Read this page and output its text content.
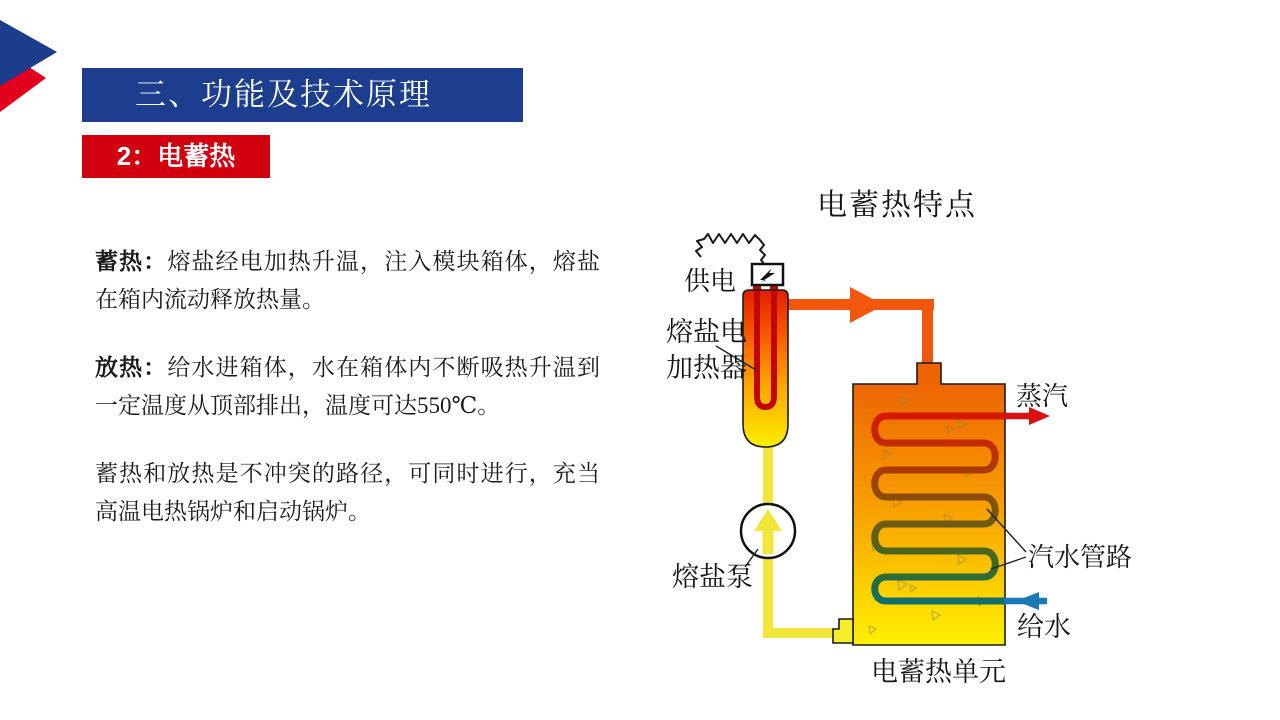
三、功能及技术原理
2：电蓄热

蓄热：熔盐经电加热升温，注入模块箱体，熔盐在箱内流动释放热量。

放热：给水进箱体，水在箱体内不断吸热升温到一定温度从顶部排出，温度可达550℃。

蓄热和放热是不冲突的路径，可同时进行，充当高温电热锅炉和启动锅炉。

电蓄热特点
供电
熔盐电
加热器
蒸汽
汽水管路
给水
熔盐泵
电蓄热单元
